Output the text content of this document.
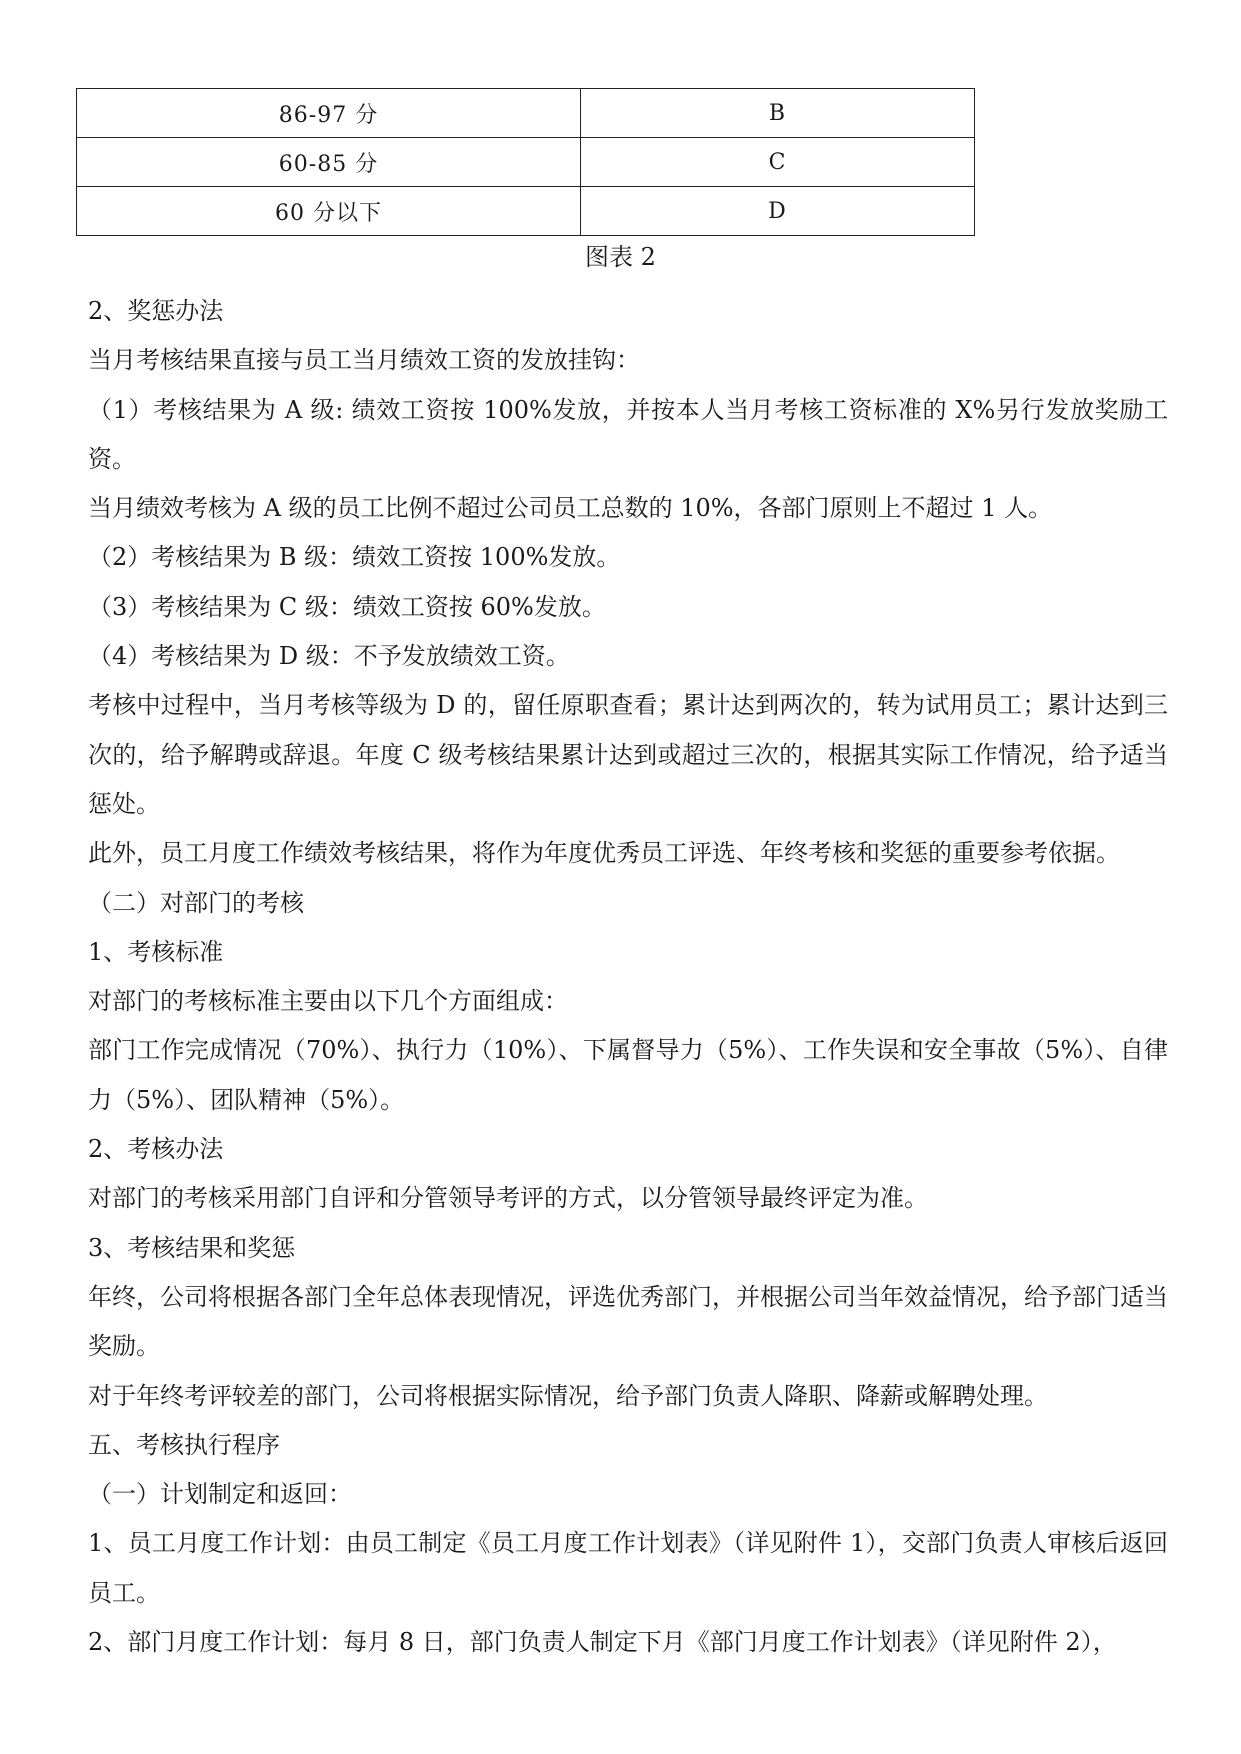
86-97 分	B
60-85 分	C
60 分以下	D
图表 2

2、奖惩办法

当月考核结果直接与员工当月绩效工资的发放挂钩：

（1）考核结果为 A 级: 绩效工资按 100%发放，并按本人当月考核工资标准的 X%另行发放奖励工资。

当月绩效考核为 A 级的员工比例不超过公司员工总数的 10%，各部门原则上不超过 1 人。

（2）考核结果为 B 级：绩效工资按 100%发放。

（3）考核结果为 C 级：绩效工资按 60%发放。

（4）考核结果为 D 级：不予发放绩效工资。

考核中过程中，当月考核等级为 D 的，留任原职查看；累计达到两次的，转为试用员工；累计达到三次的，给予解聘或辞退。年度 C 级考核结果累计达到或超过三次的，根据其实际工作情况，给予适当惩处。

此外，员工月度工作绩效考核结果，将作为年度优秀员工评选、年终考核和奖惩的重要参考依据。

（二）对部门的考核

1、考核标准

对部门的考核标准主要由以下几个方面组成：

部门工作完成情况（70%）、执行力（10%）、下属督导力（5%）、工作失误和安全事故（5%）、自律力（5%）、团队精神（5%）。

2、考核办法

对部门的考核采用部门自评和分管领导考评的方式，以分管领导最终评定为准。

3、考核结果和奖惩

年终，公司将根据各部门全年总体表现情况，评选优秀部门，并根据公司当年效益情况，给予部门适当奖励。

对于年终考评较差的部门，公司将根据实际情况，给予部门负责人降职、降薪或解聘处理。

五、考核执行程序

（一）计划制定和返回：

1、员工月度工作计划：由员工制定《员工月度工作计划表》（详见附件 1），交部门负责人审核后返回员工。

2、部门月度工作计划：每月 8 日，部门负责人制定下月《部门月度工作计划表》（详见附件 2），
